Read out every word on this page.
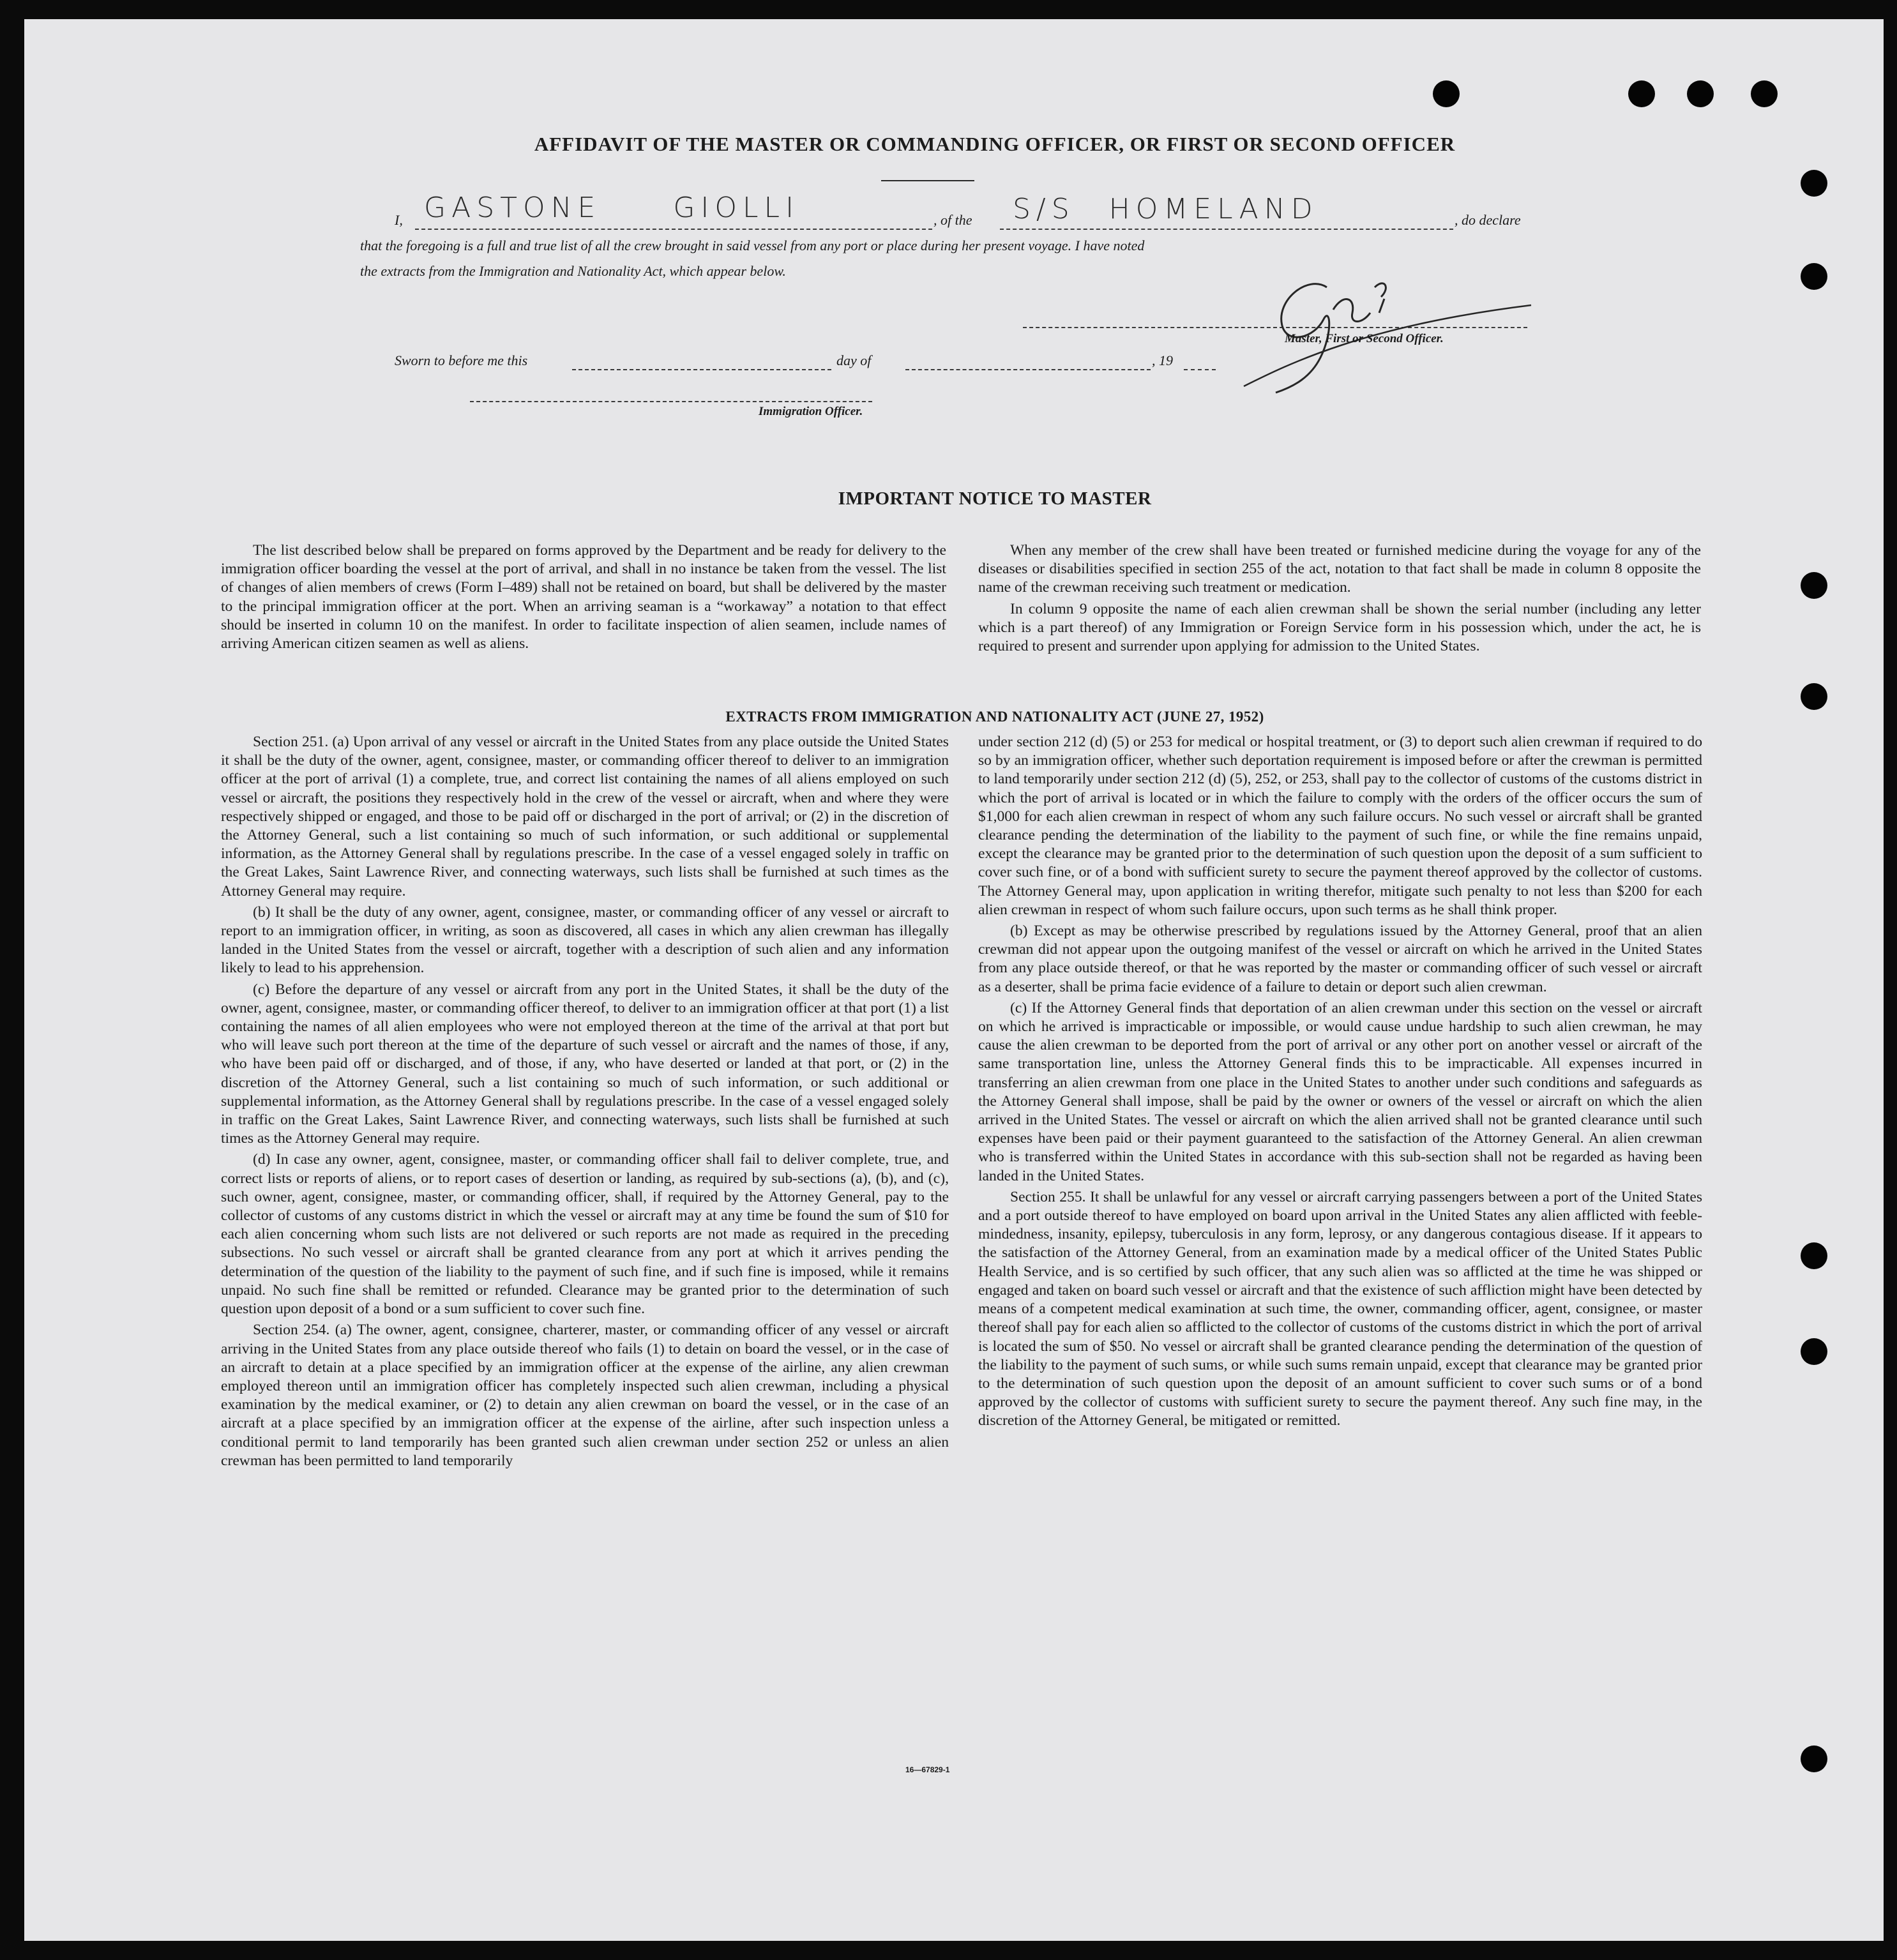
AFFIDAVIT OF THE MASTER OR COMMANDING OFFICER, OR FIRST OR SECOND OFFICER
I, GASTONE GIOLLI	, of the S/S HOMELAND	, do declare
that the foregoing is a full and true list of all the crew brought in said vessel from any port or place during her present voyage. I have noted
the extracts from the Immigration and Nationality Act, which appear below.
Master, First or Second Officer.
Sworn to before me this	day of	, 19
Immigration Officer.
IMPORTANT NOTICE TO MASTER

The list described below shall be prepared on forms approved by the Department and be ready for delivery to the immigration officer boarding the vessel at the port of arrival, and shall in no instance be taken from the vessel. The list of changes of alien members of crews (Form I–489) shall not be retained on board, but shall be delivered by the master to the principal immigration officer at the port. When an arriving seaman is a “workaway” a notation to that effect should be inserted in column 10 on the manifest. In order to facilitate inspection of alien seamen, include names of arriving American citizen seamen as well as aliens.

When any member of the crew shall have been treated or furnished medicine during the voyage for any of the diseases or disabilities specified in section 255 of the act, notation to that fact shall be made in column 8 opposite the name of the crewman receiving such treatment or medication.

In column 9 opposite the name of each alien crewman shall be shown the serial number (including any letter which is a part thereof) of any Immigration or Foreign Service form in his possession which, under the act, he is required to present and surrender upon applying for admission to the United States.

EXTRACTS FROM IMMIGRATION AND NATIONALITY ACT (JUNE 27, 1952)

Section 251. (a) Upon arrival of any vessel or aircraft in the United States from any place outside the United States it shall be the duty of the owner, agent, consignee, master, or commanding officer thereof to deliver to an immigration officer at the port of arrival (1) a complete, true, and correct list containing the names of all aliens employed on such vessel or aircraft, the positions they respectively hold in the crew of the vessel or aircraft, when and where they were respectively shipped or engaged, and those to be paid off or discharged in the port of arrival; or (2) in the discretion of the Attorney General, such a list containing so much of such information, or such additional or supplemental information, as the Attorney General shall by regulations prescribe. In the case of a vessel engaged solely in traffic on the Great Lakes, Saint Lawrence River, and connecting waterways, such lists shall be furnished at such times as the Attorney General may require.

(b) It shall be the duty of any owner, agent, consignee, master, or commanding officer of any vessel or aircraft to report to an immigration officer, in writing, as soon as discovered, all cases in which any alien crewman has illegally landed in the United States from the vessel or aircraft, together with a description of such alien and any information likely to lead to his apprehension.

(c) Before the departure of any vessel or aircraft from any port in the United States, it shall be the duty of the owner, agent, consignee, master, or commanding officer thereof, to deliver to an immigration officer at that port (1) a list containing the names of all alien employees who were not employed thereon at the time of the arrival at that port but who will leave such port thereon at the time of the departure of such vessel or aircraft and the names of those, if any, who have been paid off or discharged, and of those, if any, who have deserted or landed at that port, or (2) in the discretion of the Attorney General, such a list containing so much of such information, or such additional or supplemental information, as the Attorney General shall by regulations prescribe. In the case of a vessel engaged solely in traffic on the Great Lakes, Saint Lawrence River, and connecting waterways, such lists shall be furnished at such times as the Attorney General may require.

(d) In case any owner, agent, consignee, master, or commanding officer shall fail to deliver complete, true, and correct lists or reports of aliens, or to report cases of desertion or landing, as required by sub-sections (a), (b), and (c), such owner, agent, consignee, master, or commanding officer, shall, if required by the Attorney General, pay to the collector of customs of any customs district in which the vessel or aircraft may at any time be found the sum of $10 for each alien concerning whom such lists are not delivered or such reports are not made as required in the preceding subsections. No such vessel or aircraft shall be granted clearance from any port at which it arrives pending the determination of the question of the liability to the payment of such fine, and if such fine is imposed, while it remains unpaid. No such fine shall be remitted or refunded. Clearance may be granted prior to the determination of such question upon deposit of a bond or a sum sufficient to cover such fine.

Section 254. (a) The owner, agent, consignee, charterer, master, or commanding officer of any vessel or aircraft arriving in the United States from any place outside thereof who fails (1) to detain on board the vessel, or in the case of an aircraft to detain at a place specified by an immigration officer at the expense of the airline, any alien crewman employed thereon until an immigration officer has completely inspected such alien crewman, including a physical examination by the medical examiner, or (2) to detain any alien crewman on board the vessel, or in the case of an aircraft at a place specified by an immigration officer at the expense of the airline, after such inspection unless a conditional permit to land temporarily has been granted such alien crewman under section 252 or unless an alien crewman has been permitted to land temporarily

under section 212 (d) (5) or 253 for medical or hospital treatment, or (3) to deport such alien crewman if required to do so by an immigration officer, whether such deportation requirement is imposed before or after the crewman is permitted to land temporarily under section 212 (d) (5), 252, or 253, shall pay to the collector of customs of the customs district in which the port of arrival is located or in which the failure to comply with the orders of the officer occurs the sum of $1,000 for each alien crewman in respect of whom any such failure occurs. No such vessel or aircraft shall be granted clearance pending the determination of the liability to the payment of such fine, or while the fine remains unpaid, except the clearance may be granted prior to the determination of such question upon the deposit of a sum sufficient to cover such fine, or of a bond with sufficient surety to secure the payment thereof approved by the collector of customs. The Attorney General may, upon application in writing therefor, mitigate such penalty to not less than $200 for each alien crewman in respect of whom such failure occurs, upon such terms as he shall think proper.

(b) Except as may be otherwise prescribed by regulations issued by the Attorney General, proof that an alien crewman did not appear upon the outgoing manifest of the vessel or aircraft on which he arrived in the United States from any place outside thereof, or that he was reported by the master or commanding officer of such vessel or aircraft as a deserter, shall be prima facie evidence of a failure to detain or deport such alien crewman.

(c) If the Attorney General finds that deportation of an alien crewman under this section on the vessel or aircraft on which he arrived is impracticable or impossible, or would cause undue hardship to such alien crewman, he may cause the alien crewman to be deported from the port of arrival or any other port on another vessel or aircraft of the same transportation line, unless the Attorney General finds this to be impracticable. All expenses incurred in transferring an alien crewman from one place in the United States to another under such conditions and safeguards as the Attorney General shall impose, shall be paid by the owner or owners of the vessel or aircraft on which the alien arrived in the United States. The vessel or aircraft on which the alien arrived shall not be granted clearance until such expenses have been paid or their payment guaranteed to the satisfaction of the Attorney General. An alien crewman who is transferred within the United States in accordance with this sub-section shall not be regarded as having been landed in the United States.

Section 255. It shall be unlawful for any vessel or aircraft carrying passengers between a port of the United States and a port outside thereof to have employed on board upon arrival in the United States any alien afflicted with feeble-mindedness, insanity, epilepsy, tuberculosis in any form, leprosy, or any dangerous contagious disease. If it appears to the satisfaction of the Attorney General, from an examination made by a medical officer of the United States Public Health Service, and is so certified by such officer, that any such alien was so afflicted at the time he was shipped or engaged and taken on board such vessel or aircraft and that the existence of such affliction might have been detected by means of a competent medical examination at such time, the owner, commanding officer, agent, consignee, or master thereof shall pay for each alien so afflicted to the collector of customs of the customs district in which the port of arrival is located the sum of $50. No vessel or aircraft shall be granted clearance pending the determination of the question of the liability to the payment of such sums, or while such sums remain unpaid, except that clearance may be granted prior to the determination of such question upon the deposit of an amount sufficient to cover such sums or of a bond approved by the collector of customs with sufficient surety to secure the payment thereof. Any such fine may, in the discretion of the Attorney General, be mitigated or remitted.

16—67829-1
